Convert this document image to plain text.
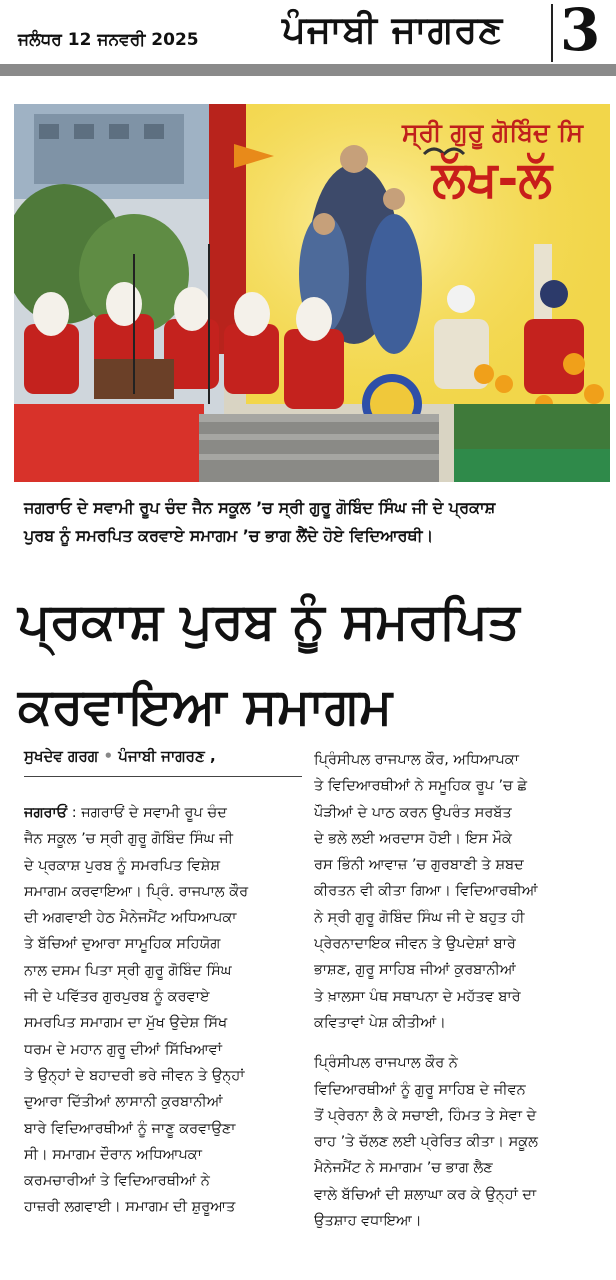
ਜਲੰਧਰ 12 ਜਨਵਰੀ 2025 ਪੰਜਾਬੀ ਜਾਗਰਣ 3
ਸ੍ਰੀ ਗੁਰੂ ਗੋਬਿੰਦ ਸਿ
ਲੱਖ-ਲੱ
ਜਗਰਾਓ ਦੇ ਸਵਾਮੀ ਰੂਪ ਚੰਦ ਜੈਨ ਸਕੂਲ ’ਚ ਸ੍ਰੀ ਗੁਰੂ ਗੋਬਿੰਦ ਸਿੰਘ ਜੀ ਦੇ ਪ੍ਰਕਾਸ਼
ਪੁਰਬ ਨੂੰ ਸਮਰਪਿਤ ਕਰਵਾਏ ਸਮਾਗਮ ’ਚ ਭਾਗ ਲੈਂਦੇ ਹੋਏ ਵਿਦਿਆਰਥੀ।
ਪ੍ਰਕਾਸ਼ ਪੁਰਬ ਨੂੰ ਸਮਰਪਿਤ
ਕਰਵਾਇਆ ਸਮਾਗਮ
ਸੁਖਦੇਵ ਗਰਗ • ਪੰਜਾਬੀ ਜਾਗਰਣ ,
ਜਗਰਾਓਂ : ਜਗਰਾਓਂ ਦੇ ਸਵਾਮੀ ਰੂਪ ਚੰਦ
ਜੈਨ ਸਕੂਲ ’ਚ ਸ੍ਰੀ ਗੁਰੂ ਗੋਬਿੰਦ ਸਿੰਘ ਜੀ
ਦੇ ਪ੍ਰਕਾਸ਼ ਪੁਰਬ ਨੂੰ ਸਮਰਪਿਤ ਵਿਸ਼ੇਸ਼
ਸਮਾਗਮ ਕਰਵਾਇਆ। ਪ੍ਰਿੰ. ਰਾਜਪਾਲ ਕੌਰ
ਦੀ ਅਗਵਾਈ ਹੇਠ ਮੈਨੇਜਮੈਂਟ ਅਧਿਆਪਕਾ
ਤੇ ਬੱਚਿਆਂ ਦੁਆਰਾ ਸਾਮੂਹਿਕ ਸਹਿਯੋਗ
ਨਾਲ ਦਸਮ ਪਿਤਾ ਸ੍ਰੀ ਗੁਰੂ ਗੋਬਿੰਦ ਸਿੰਘ
ਜੀ ਦੇ ਪਵਿੱਤਰ ਗੁਰਪੁਰਬ ਨੂੰ ਕਰਵਾਏ
ਸਮਰਪਿਤ ਸਮਾਗਮ ਦਾ ਮੁੱਖ ਉਦੇਸ਼ ਸਿੱਖ
ਧਰਮ ਦੇ ਮਹਾਨ ਗੁਰੂ ਦੀਆਂ ਸਿੱਖਿਆਵਾਂ
ਤੇ ਉਨ੍ਹਾਂ ਦੇ ਬਹਾਦਰੀ ਭਰੇ ਜੀਵਨ ਤੇ ਉਨ੍ਹਾਂ
ਦੁਆਰਾ ਦਿੱਤੀਆਂ ਲਾਸਾਨੀ ਕੁਰਬਾਨੀਆਂ
ਬਾਰੇ ਵਿਦਿਆਰਥੀਆਂ ਨੂੰ ਜਾਣੂ ਕਰਵਾਉਣਾ
ਸੀ। ਸਮਾਗਮ ਦੌਰਾਨ ਅਧਿਆਪਕਾ
ਕਰਮਚਾਰੀਆਂ ਤੇ ਵਿਦਿਆਰਥੀਆਂ ਨੇ
ਹਾਜ਼ਰੀ ਲਗਵਾਈ। ਸਮਾਗਮ ਦੀ ਸ਼ੁਰੂਆਤ
ਪ੍ਰਿੰਸੀਪਲ ਰਾਜਪਾਲ ਕੌਰ, ਅਧਿਆਪਕਾ
ਤੇ ਵਿਦਿਆਰਥੀਆਂ ਨੇ ਸਮੂਹਿਕ ਰੂਪ ’ਚ ਛੇ
ਪੌੜੀਆਂ ਦੇ ਪਾਠ ਕਰਨ ਉਪਰੰਤ ਸਰਬੱਤ
ਦੇ ਭਲੇ ਲਈ ਅਰਦਾਸ ਹੋਈ। ਇਸ ਮੌਕੇ
ਰਸ ਭਿੰਨੀ ਆਵਾਜ਼ ’ਚ ਗੁਰਬਾਣੀ ਤੇ ਸ਼ਬਦ
ਕੀਰਤਨ ਵੀ ਕੀਤਾ ਗਿਆ। ਵਿਦਿਆਰਥੀਆਂ
ਨੇ ਸ੍ਰੀ ਗੁਰੂ ਗੋਬਿੰਦ ਸਿੰਘ ਜੀ ਦੇ ਬਹੁਤ ਹੀ
ਪ੍ਰੇਰਨਾਦਾਇਕ ਜੀਵਨ ਤੇ ਉਪਦੇਸ਼ਾਂ ਬਾਰੇ
ਭਾਸ਼ਣ, ਗੁਰੂ ਸਾਹਿਬ ਜੀਆਂ ਕੁਰਬਾਨੀਆਂ
ਤੇ ਖ਼ਾਲਸਾ ਪੰਥ ਸਥਾਪਨਾ ਦੇ ਮਹੱਤਵ ਬਾਰੇ
ਕਵਿਤਾਵਾਂ ਪੇਸ਼ ਕੀਤੀਆਂ।
ਪ੍ਰਿੰਸੀਪਲ ਰਾਜਪਾਲ ਕੌਰ ਨੇ
ਵਿਦਿਆਰਥੀਆਂ ਨੂੰ ਗੁਰੂ ਸਾਹਿਬ ਦੇ ਜੀਵਨ
ਤੋਂ ਪ੍ਰੇਰਨਾ ਲੈ ਕੇ ਸਚਾਈ, ਹਿੰਮਤ ਤੇ ਸੇਵਾ ਦੇ
ਰਾਹ ’ਤੇ ਚੱਲਣ ਲਈ ਪ੍ਰੇਰਿਤ ਕੀਤਾ। ਸਕੂਲ
ਮੈਨੇਜਮੈਂਟ ਨੇ ਸਮਾਗਮ ’ਚ ਭਾਗ ਲੈਣ
ਵਾਲੇ ਬੱਚਿਆਂ ਦੀ ਸ਼ਲਾਘਾ ਕਰ ਕੇ ਉਨ੍ਹਾਂ ਦਾ
ਉਤਸ਼ਾਹ ਵਧਾਇਆ।
